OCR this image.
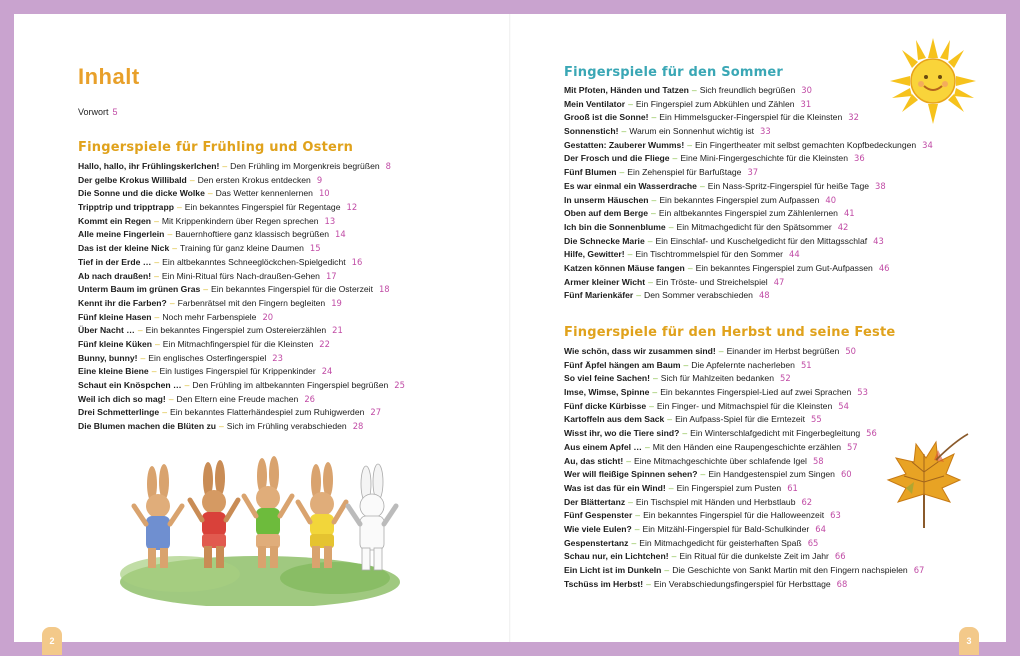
Inhalt
Vorwort 5
Fingerspiele für Frühling und Ostern
Hallo, hallo, ihr Frühlingskerlchen! – Den Frühling im Morgenkreis begrüßen 8
Der gelbe Krokus Willibald – Den ersten Krokus entdecken 9
Die Sonne und die dicke Wolke – Das Wetter kennenlernen 10
Tripptrip und tripptrapp – Ein bekanntes Fingerspiel für Regentage 12
Kommt ein Regen – Mit Krippenkindern über Regen sprechen 13
Alle meine Fingerlein – Bauernhoftiere ganz klassisch begrüßen 14
Das ist der kleine Nick – Training für ganz kleine Daumen 15
Tief in der Erde … – Ein altbekanntes Schneeglöckchen-Spielgedicht 16
Ab nach draußen! – Ein Mini-Ritual fürs Nach-draußen-Gehen 17
Unterm Baum im grünen Gras – Ein bekanntes Fingerspiel für die Osterzeit 18
Kennt ihr die Farben? – Farbenrätsel mit den Fingern begleiten 19
Fünf kleine Hasen – Noch mehr Farbenspiele 20
Über Nacht … – Ein bekanntes Fingerspiel zum Ostereierzählen 21
Fünf kleine Küken – Ein Mitmachfingerspiel für die Kleinsten 22
Bunny, bunny! – Ein englisches Osterfingerspiel 23
Eine kleine Biene – Ein lustiges Fingerspiel für Krippenkinder 24
Schaut ein Knöspchen … – Den Frühling im altbekannten Fingerspiel begrüßen 25
Weil ich dich so mag! – Den Eltern eine Freude machen 26
Drei Schmetterlinge – Ein bekanntes Flatterhändespiel zum Ruhigwerden 27
Die Blumen machen die Blüten zu – Sich im Frühling verabschieden 28
Fingerspiele für den Sommer
Mit Pfoten, Händen und Tatzen – Sich freundlich begrüßen 30
Mein Ventilator – Ein Fingerspiel zum Abkühlen und Zählen 31
Grooß ist die Sonne! – Ein Himmelsgucker-Fingerspiel für die Kleinsten 32
Sonnenstich! – Warum ein Sonnenhut wichtig ist 33
Gestatten: Zauberer Wumms! – Ein Fingertheater mit selbst gemachten Kopfbedeckungen 34
Der Frosch und die Fliege – Eine Mini-Fingergeschichte für die Kleinsten 36
Fünf Blumen – Ein Zehenspiel für Barfußtage 37
Es war einmal ein Wasserdrache – Ein Nass-Spritz-Fingerspiel für heiße Tage 38
In unserm Häuschen – Ein bekanntes Fingerspiel zum Aufpassen 40
Oben auf dem Berge – Ein altbekanntes Fingerspiel zum Zählenlernen 41
Ich bin die Sonnenblume – Ein Mitmachgedicht für den Spätsommer 42
Die Schnecke Marie – Ein Einschlaf- und Kuschelgedicht für den Mittagsschlaf 43
Hilfe, Gewitter! – Ein Tischtrommelspiel für den Sommer 44
Katzen können Mäuse fangen – Ein bekanntes Fingerspiel zum Gut-Aufpassen 46
Armer kleiner Wicht – Ein Tröste- und Streichelspiel 47
Fünf Marienkäfer – Den Sommer verabschieden 48
Fingerspiele für den Herbst und seine Feste
Wie schön, dass wir zusammen sind! – Einander im Herbst begrüßen 50
Fünf Äpfel hängen am Baum – Die Apfelernte nacherleben 51
So viel feine Sachen! – Sich für Mahlzeiten bedanken 52
Imse, Wimse, Spinne – Ein bekanntes Fingerspiel-Lied auf zwei Sprachen 53
Fünf dicke Kürbisse – Ein Finger- und Mitmachspiel für die Kleinsten 54
Kartoffeln aus dem Sack – Ein Aufpass-Spiel für die Erntezeit 55
Wisst ihr, wo die Tiere sind? – Ein Winterschlafgedicht mit Fingerbegleitung 56
Aus einem Apfel … – Mit den Händen eine Raupengeschichte erzählen 57
Au, das sticht! – Eine Mitmachgeschichte über schlafende Igel 58
Wer will fleißige Spinnen sehen? – Ein Handgestenspiel zum Singen 60
Was ist das für ein Wind! – Ein Fingerspiel zum Pusten 61
Der Blättertanz – Ein Tischspiel mit Händen und Herbstlaub 62
Fünf Gespenster – Ein bekanntes Fingerspiel für die Halloweenzeit 63
Wie viele Eulen? – Ein Mitzähl-Fingerspiel für Bald-Schulkinder 64
Gespenstertanz – Ein Mitmachgedicht für geisterhaften Spaß 65
Schau nur, ein Lichtchen! – Ein Ritual für die dunkelste Zeit im Jahr 66
Ein Licht ist im Dunkeln – Die Geschichte von Sankt Martin mit den Fingern nachspielen 67
Tschüss im Herbst! – Ein Verabschiedungsfingerspiel für Herbsttage 68
2	3
